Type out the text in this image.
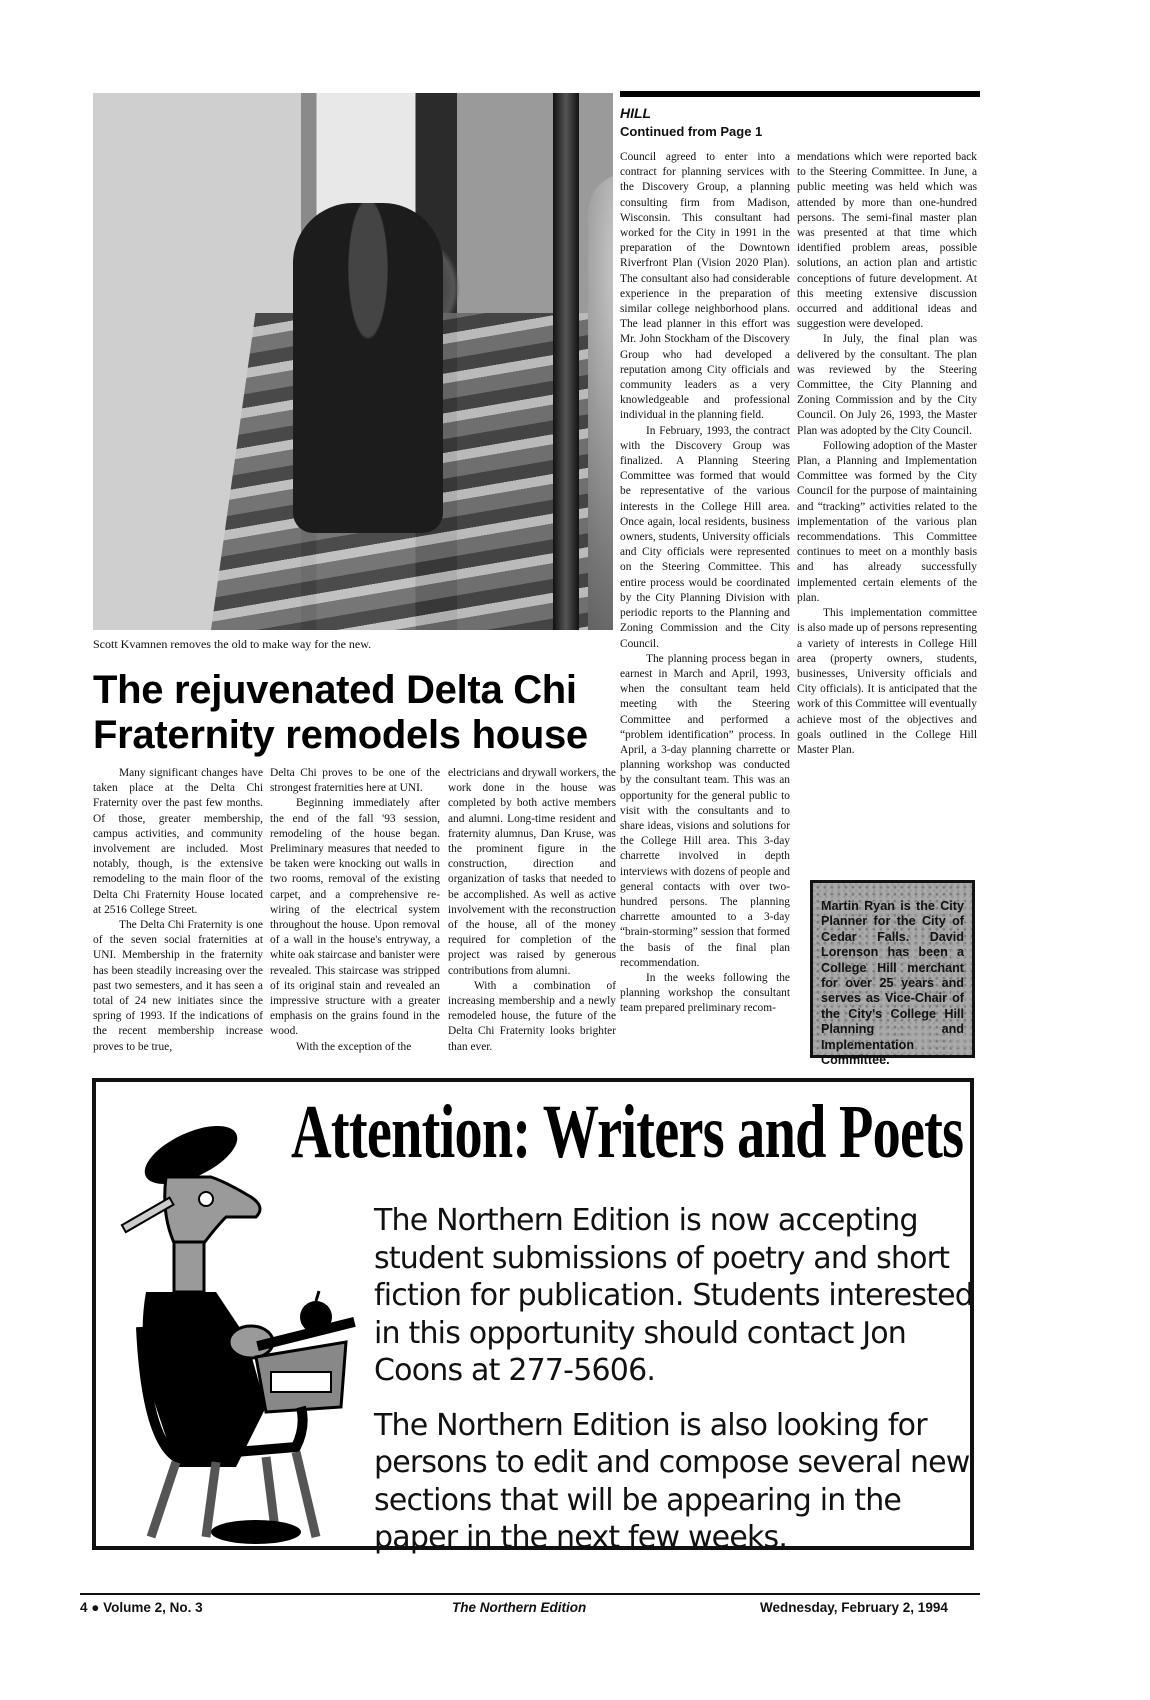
Scott Kvamnen removes the old to make way for the new.
The rejuvenated Delta Chi Fraternity remodels house

Many significant changes have taken place at the Delta Chi Fraternity over the past few months. Of those, greater membership, campus activities, and community involvement are included. Most notably, though, is the extensive remodeling to the main floor of the Delta Chi Fraternity House located at 2516 College Street.

The Delta Chi Fraternity is one of the seven social fraternities at UNI. Membership in the fraternity has been steadily increasing over the past two semesters, and it has seen a total of 24 new initiates since the spring of 1993. If the indications of the recent membership increase proves to be true,

Delta Chi proves to be one of the strongest fraternities here at UNI.

Beginning immediately after the end of the fall '93 session, remodeling of the house began. Preliminary measures that needed to be taken were knocking out walls in two rooms, removal of the existing carpet, and a comprehensive re-wiring of the electrical system throughout the house. Upon removal of a wall in the house's entryway, a white oak staircase and banister were revealed. This staircase was stripped of its original stain and revealed an impressive structure with a greater emphasis on the grains found in the wood.

With the exception of the

electricians and drywall workers, the work done in the house was completed by both active members and alumni. Long-time resident and fraternity alumnus, Dan Kruse, was the prominent figure in the construction, direction and organization of tasks that needed to be accomplished. As well as active involvement with the reconstruction of the house, all of the money required for completion of the project was raised by generous contributions from alumni.

With a combination of increasing membership and a newly remodeled house, the future of the Delta Chi Fraternity looks brighter than ever.

HILL
Continued from Page 1

Council agreed to enter into a contract for planning services with the Discovery Group, a planning consulting firm from Madison, Wisconsin. This consultant had worked for the City in 1991 in the preparation of the Downtown Riverfront Plan (Vision 2020 Plan). The consultant also had considerable experience in the preparation of similar college neighborhood plans. The lead planner in this effort was Mr. John Stockham of the Discovery Group who had developed a reputation among City officials and community leaders as a very knowledgeable and professional individual in the planning field.

In February, 1993, the contract with the Discovery Group was finalized. A Planning Steering Committee was formed that would be representative of the various interests in the College Hill area. Once again, local residents, business owners, students, University officials and City officials were represented on the Steering Committee. This entire process would be coordinated by the City Planning Division with periodic reports to the Planning and Zoning Commission and the City Council.

The planning process began in earnest in March and April, 1993, when the consultant team held meeting with the Steering Committee and performed a “problem identification” process. In April, a 3-day planning charrette or planning workshop was conducted by the consultant team. This was an opportunity for the general public to visit with the consultants and to share ideas, visions and solutions for the College Hill area. This 3-day charrette involved in depth interviews with dozens of people and general contacts with over two-hundred persons. The planning charrette amounted to a 3-day “brain-storming” session that formed the basis of the final plan recommendation.

In the weeks following the planning workshop the consultant team prepared preliminary recom-

mendations which were reported back to the Steering Committee. In June, a public meeting was held which was attended by more than one-hundred persons. The semi-final master plan was presented at that time which identified problem areas, possible solutions, an action plan and artistic conceptions of future development. At this meeting extensive discussion occurred and additional ideas and suggestion were developed.

In July, the final plan was delivered by the consultant. The plan was reviewed by the Steering Committee, the City Planning and Zoning Commission and by the City Council. On July 26, 1993, the Master Plan was adopted by the City Council.

Following adoption of the Master Plan, a Planning and Implementation Committee was formed by the City Council for the purpose of maintaining and “tracking” activities related to the implementation of the various plan recommendations. This Committee continues to meet on a monthly basis and has already successfully implemented certain elements of the plan.

This implementation committee is also made up of persons representing a variety of interests in College Hill area (property owners, students, businesses, University officials and City officials). It is anticipated that the work of this Committee will eventually achieve most of the objectives and goals outlined in the College Hill Master Plan.

Martin Ryan is the City Planner for the City of Cedar Falls. David Lorenson has been a College Hill merchant for over 25 years and serves as Vice-Chair of the City's College Hill Planning and Implementation Committee.

Attention: Writers and Poets

The Northern Edition is now accepting student submissions of poetry and short fiction for publication. Students interested in this opportunity should contact Jon Coons at 277-5606.

The Northern Edition is also looking for persons to edit and compose several new sections that will be appearing in the paper in the next few weeks.

4 ● Volume 2, No. 3	The Northern Edition	Wednesday, February 2, 1994
